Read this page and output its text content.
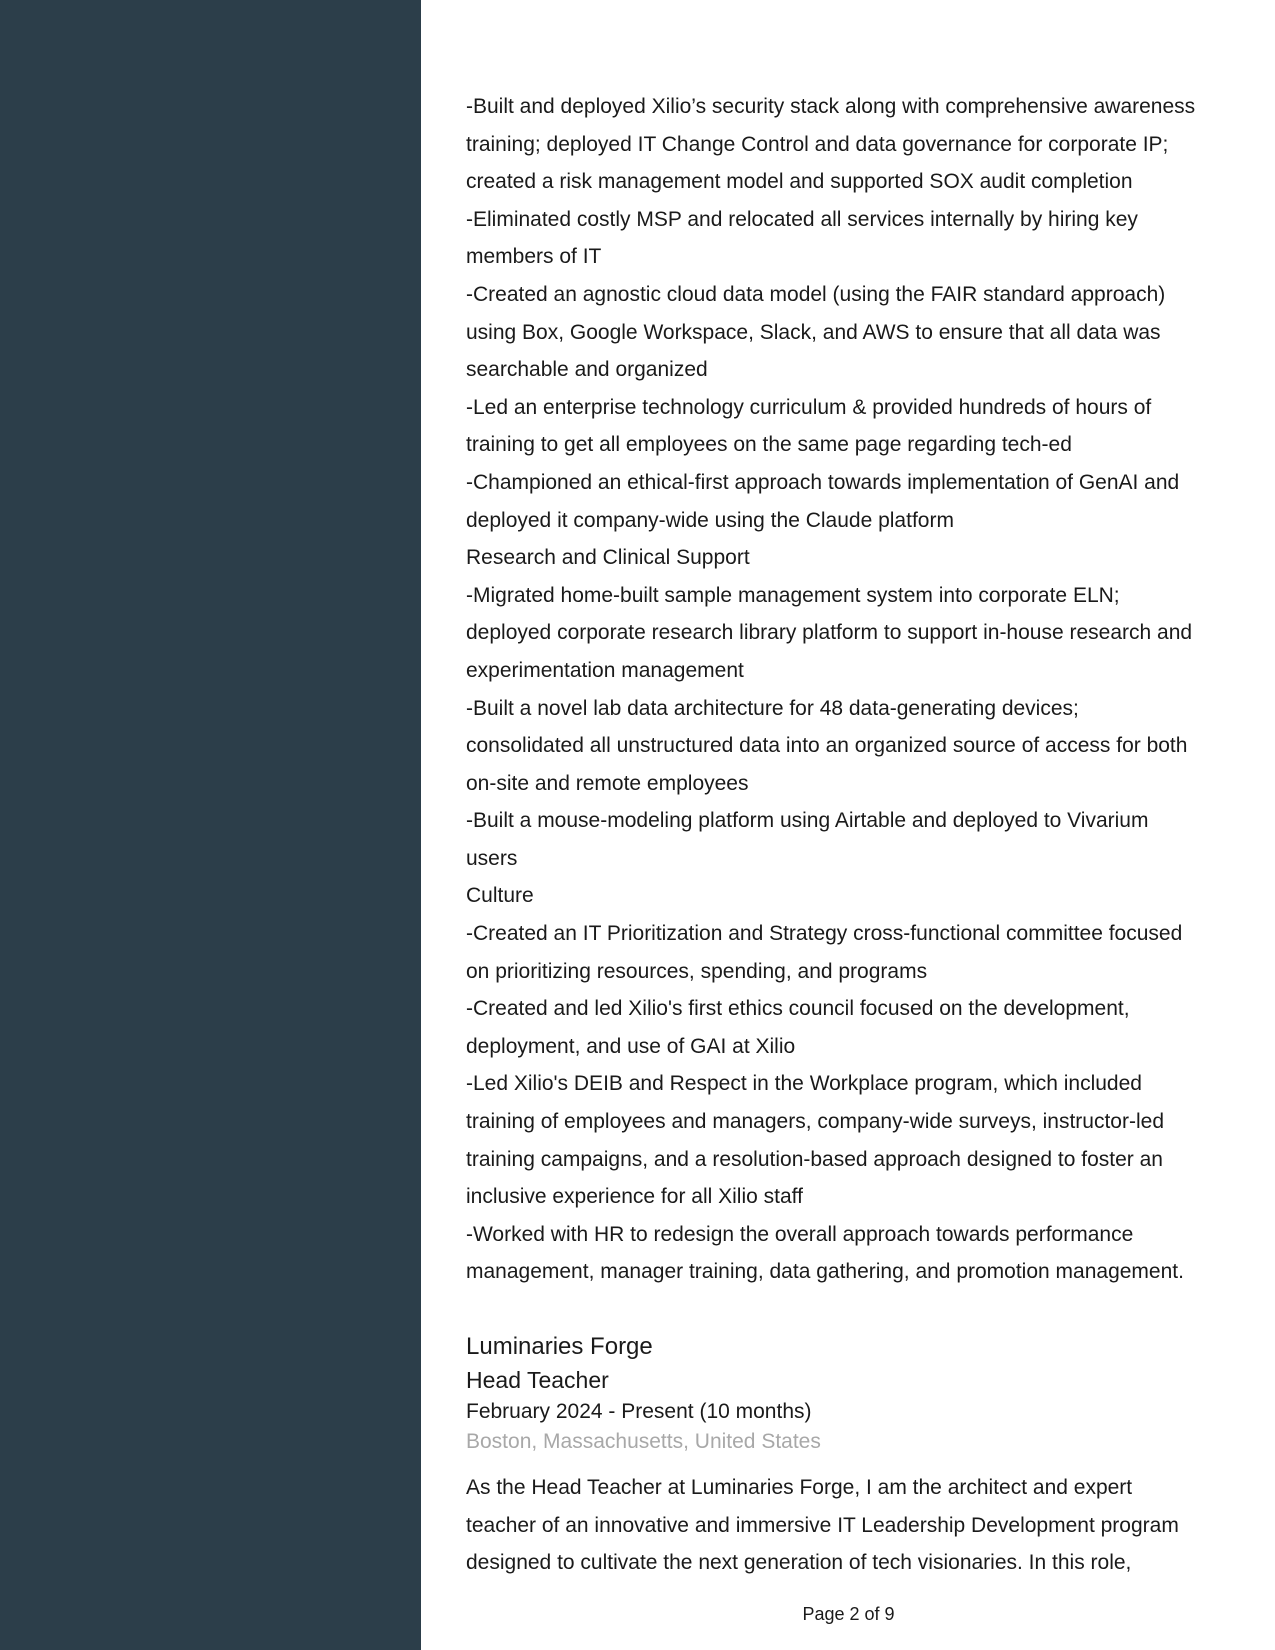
-Built and deployed Xilio’s security stack along with comprehensive awareness
training; deployed IT Change Control and data governance for corporate IP;
created a risk management model and supported SOX audit completion
-Eliminated costly MSP and relocated all services internally by hiring key
members of IT
-Created an agnostic cloud data model (using the FAIR standard approach)
using Box, Google Workspace, Slack, and AWS to ensure that all data was
searchable and organized
-Led an enterprise technology curriculum & provided hundreds of hours of
training to get all employees on the same page regarding tech-ed
-Championed an ethical-first approach towards implementation of GenAI and
deployed it company-wide using the Claude platform
Research and Clinical Support
-Migrated home-built sample management system into corporate ELN;
deployed corporate research library platform to support in-house research and
experimentation management
-Built a novel lab data architecture for 48 data-generating devices;
consolidated all unstructured data into an organized source of access for both
on-site and remote employees
-Built a mouse-modeling platform using Airtable and deployed to Vivarium
users
Culture
-Created an IT Prioritization and Strategy cross-functional committee focused
on prioritizing resources, spending, and programs
-Created and led Xilio's first ethics council focused on the development,
deployment, and use of GAI at Xilio
-Led Xilio's DEIB and Respect in the Workplace program, which included
training of employees and managers, company-wide surveys, instructor-led
training campaigns, and a resolution-based approach designed to foster an
inclusive experience for all Xilio staff
-Worked with HR to redesign the overall approach towards performance
management, manager training, data gathering, and promotion management.
Luminaries Forge
Head Teacher
February 2024 - Present (10 months)
Boston, Massachusetts, United States
As the Head Teacher at Luminaries Forge, I am the architect and expert
teacher of an innovative and immersive IT Leadership Development program
designed to cultivate the next generation of tech visionaries. In this role,
Page 2 of 9
